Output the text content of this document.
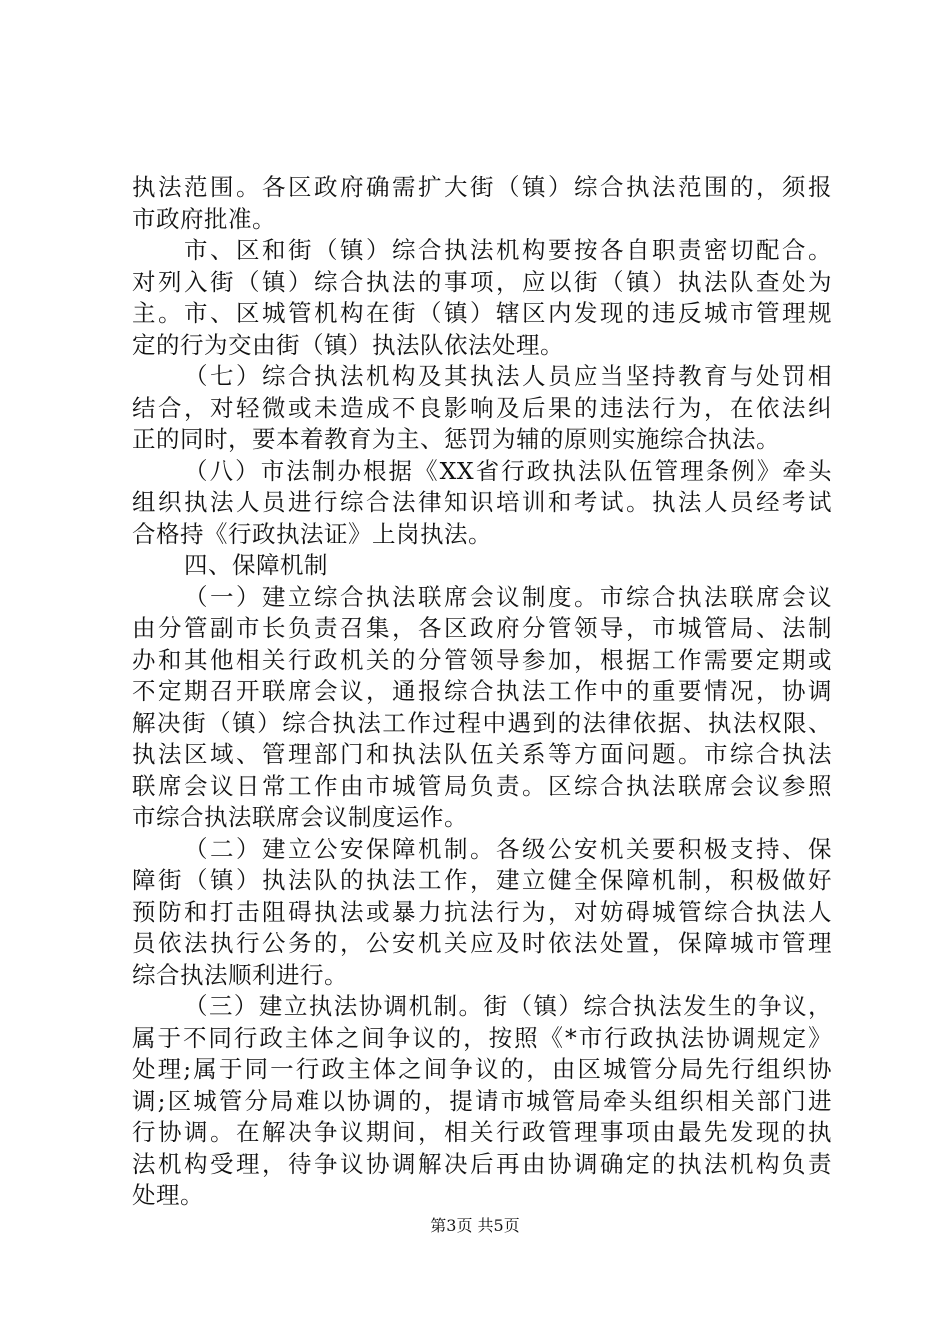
执法范围。各区政府确需扩大街（镇）综合执法范围的，须报
市政府批准。
市、区和街（镇）综合执法机构要按各自职责密切配合。
对列入街（镇）综合执法的事项，应以街（镇）执法队查处为
主。市、区城管机构在街（镇）辖区内发现的违反城市管理规
定的行为交由街（镇）执法队依法处理。
（七）综合执法机构及其执法人员应当坚持教育与处罚相
结合，对轻微或未造成不良影响及后果的违法行为，在依法纠
正的同时，要本着教育为主、惩罚为辅的原则实施综合执法。
（八）市法制办根据《XX省行政执法队伍管理条例》牵头
组织执法人员进行综合法律知识培训和考试。执法人员经考试
合格持《行政执法证》上岗执法。
四、保障机制
（一）建立综合执法联席会议制度。市综合执法联席会议
由分管副市长负责召集，各区政府分管领导，市城管局、法制
办和其他相关行政机关的分管领导参加，根据工作需要定期或
不定期召开联席会议，通报综合执法工作中的重要情况，协调
解决街（镇）综合执法工作过程中遇到的法律依据、执法权限、
执法区域、管理部门和执法队伍关系等方面问题。市综合执法
联席会议日常工作由市城管局负责。区综合执法联席会议参照
市综合执法联席会议制度运作。
（二）建立公安保障机制。各级公安机关要积极支持、保
障街（镇）执法队的执法工作，建立健全保障机制，积极做好
预防和打击阻碍执法或暴力抗法行为，对妨碍城管综合执法人
员依法执行公务的，公安机关应及时依法处置，保障城市管理
综合执法顺利进行。
（三）建立执法协调机制。街（镇）综合执法发生的争议，
属于不同行政主体之间争议的，按照《*市行政执法协调规定》
处理;属于同一行政主体之间争议的，由区城管分局先行组织协
调;区城管分局难以协调的，提请市城管局牵头组织相关部门进
行协调。在解决争议期间，相关行政管理事项由最先发现的执
法机构受理，待争议协调解决后再由协调确定的执法机构负责
处理。
第3页 共5页
